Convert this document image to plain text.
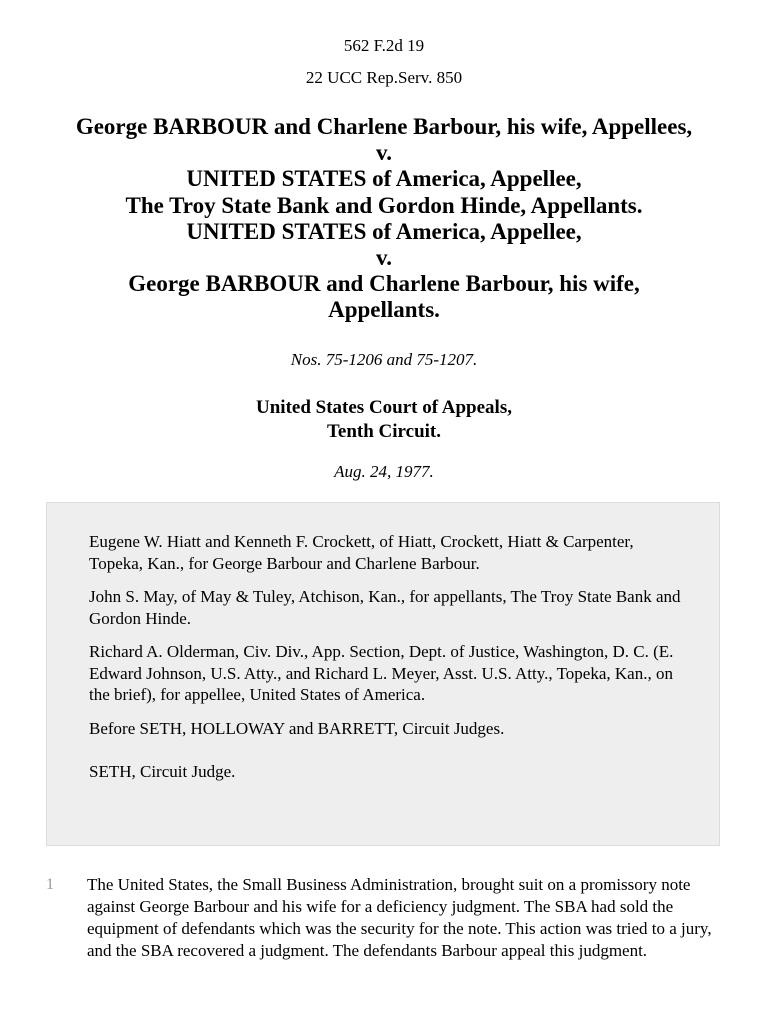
562 F.2d 19
22 UCC Rep.Serv. 850
George BARBOUR and Charlene Barbour, his wife, Appellees,
v.
UNITED STATES of America, Appellee,
The Troy State Bank and Gordon Hinde, Appellants.
UNITED STATES of America, Appellee,
v.
George BARBOUR and Charlene Barbour, his wife,
Appellants.
Nos. 75-1206 and 75-1207.
United States Court of Appeals,
Tenth Circuit.
Aug. 24, 1977.

Eugene W. Hiatt and Kenneth F. Crockett, of Hiatt, Crockett, Hiatt & Carpenter, Topeka, Kan., for George Barbour and Charlene Barbour.

John S. May, of May & Tuley, Atchison, Kan., for appellants, The Troy State Bank and Gordon Hinde.

Richard A. Olderman, Civ. Div., App. Section, Dept. of Justice, Washington, D. C. (E. Edward Johnson, U.S. Atty., and Richard L. Meyer, Asst. U.S. Atty., Topeka, Kan., on the brief), for appellee, United States of America.

Before SETH, HOLLOWAY and BARRETT, Circuit Judges.

SETH, Circuit Judge.

1 The United States, the Small Business Administration, brought suit on a promissory note against George Barbour and his wife for a deficiency judgment. The SBA had sold the equipment of defendants which was the security for the note. This action was tried to a jury, and the SBA recovered a judgment. The defendants Barbour appeal this judgment.
